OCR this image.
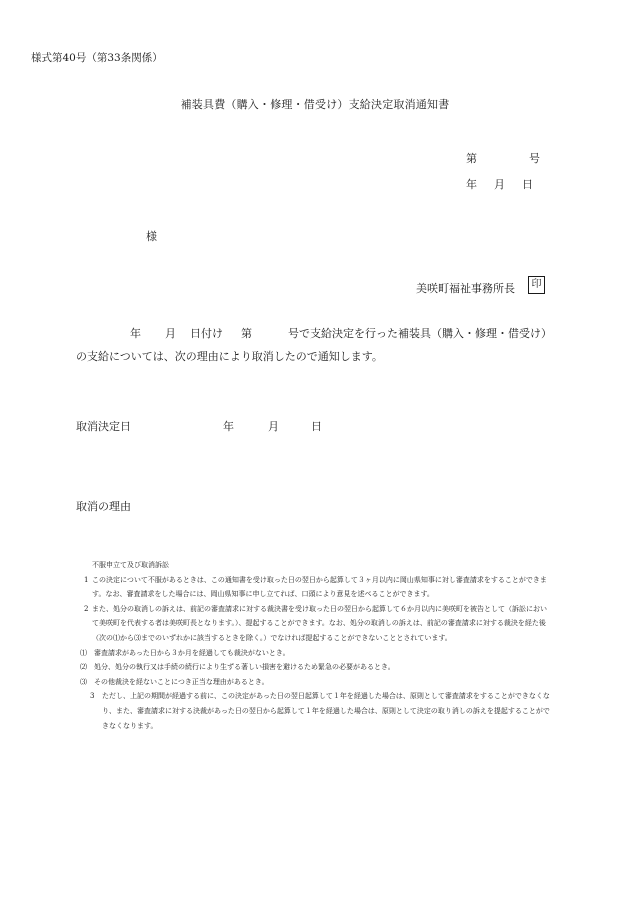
様式第40号（第33条関係）
補装具費（購入・修理・借受け）支給決定取消通知書
第	号
年 月 日
様
美咲町福祉事務所長	印
年 月 日付け 第	号で支給決定を行った補装具（購入・修理・借受け）の支給については、次の理由により取消したので通知します。
取消決定日	年	月	日
取消の理由
不服申立て及び取消訴訟
1 この決定について不服があるときは、この通知書を受け取った日の翌日から起算して３ヶ月以内に岡山県知事に対し審査請求をすることができます。なお、審査請求をした場合には、岡山県知事に申し立てれば、口頭により意見を述べることができます。
2 また、処分の取消しの訴えは、前記の審査請求に対する裁決書を受け取った日の翌日から起算して６か月以内に美咲町を被告として（訴訟において美咲町を代表する者は美咲町長となります。）、提起することができます。なお、処分の取消しの訴えは、前記の審査請求に対する裁決を経た後（次の⑴から⑶までのいずれかに該当するときを除く。）でなければ提起することができないこととされています。
⑴ 審査請求があった日から３か月を経過しても裁決がないとき。
⑵ 処分、処分の執行又は手続の続行により生ずる著しい損害を避けるため緊急の必要があるとき。
⑶ その他裁決を経ないことにつき正当な理由があるとき。
3 ただし、上記の期間が経過する前に、この決定があった日の翌日起算して１年を経過した場合は、原則として審査請求をすることができなくなり、また、審査請求に対する決裁があった日の翌日から起算して１年を経過した場合は、原則として決定の取り消しの訴えを提起することができなくなります。
